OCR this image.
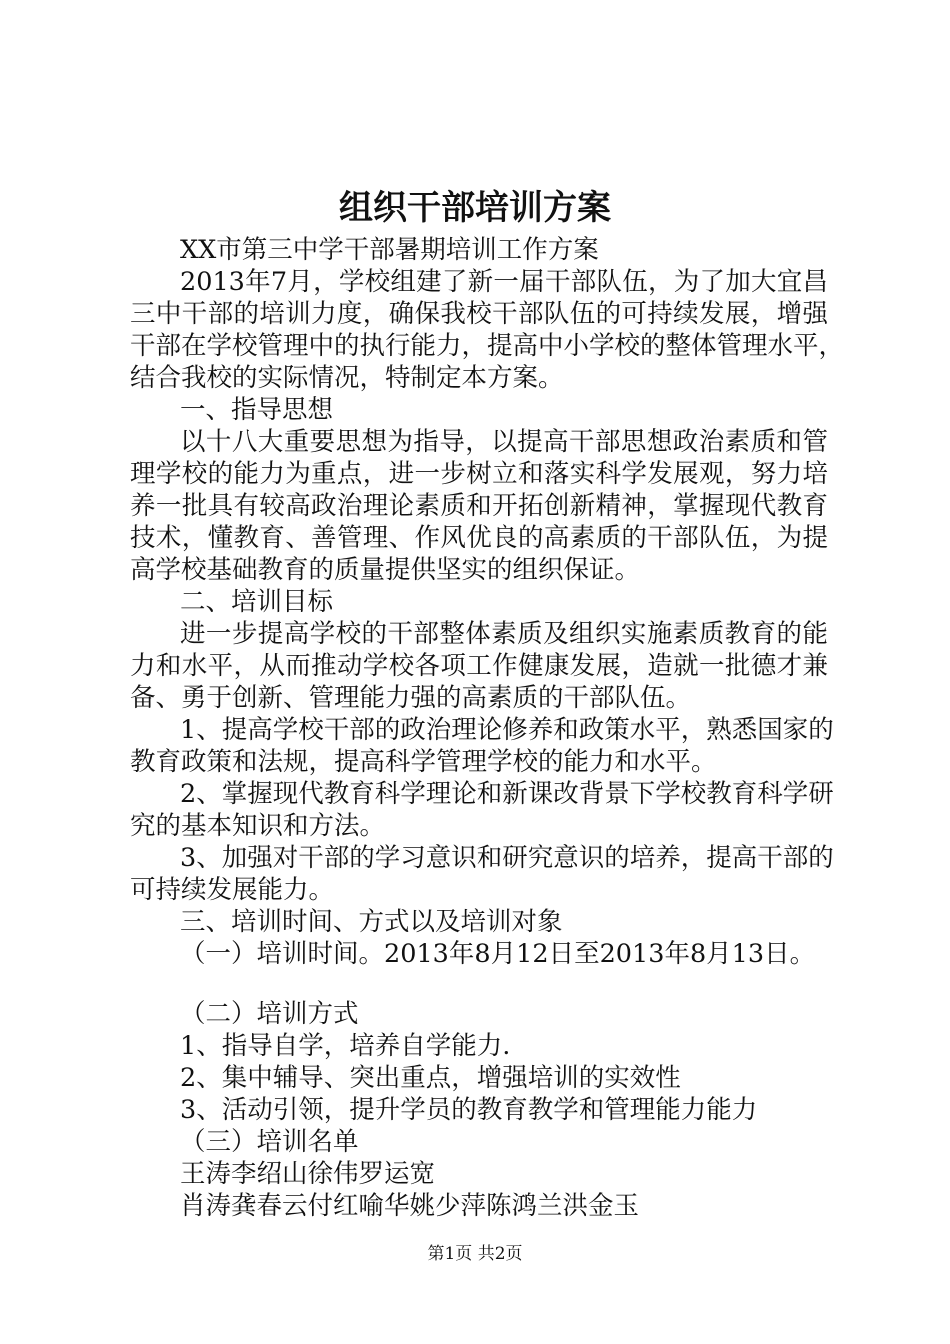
组织干部培训方案
XX市第三中学干部暑期培训工作方案
2013年7月，学校组建了新一届干部队伍，为了加大宜昌
三中干部的培训力度，确保我校干部队伍的可持续发展，增强
干部在学校管理中的执行能力，提高中小学校的整体管理水平，
结合我校的实际情况，特制定本方案。
一、指导思想
以十八大重要思想为指导，以提高干部思想政治素质和管
理学校的能力为重点，进一步树立和落实科学发展观，努力培
养一批具有较高政治理论素质和开拓创新精神，掌握现代教育
技术，懂教育、善管理、作风优良的高素质的干部队伍，为提
高学校基础教育的质量提供坚实的组织保证。
二、培训目标
进一步提高学校的干部整体素质及组织实施素质教育的能
力和水平，从而推动学校各项工作健康发展，造就一批德才兼
备、勇于创新、管理能力强的高素质的干部队伍。
1、提高学校干部的政治理论修养和政策水平，熟悉国家的
教育政策和法规，提高科学管理学校的能力和水平。
2、掌握现代教育科学理论和新课改背景下学校教育科学研
究的基本知识和方法。
3、加强对干部的学习意识和研究意识的培养，提高干部的
可持续发展能力。
三、培训时间、方式以及培训对象
（一）培训时间。2013年8月12日至2013年8月13日。
（二）培训方式
1、指导自学，培养自学能力.
2、集中辅导、突出重点，增强培训的实效性
3、活动引领，提升学员的教育教学和管理能力能力
（三）培训名单
王涛李绍山徐伟罗运宽
肖涛龚春云付红喻华姚少萍陈鸿兰洪金玉
第1页 共2页
